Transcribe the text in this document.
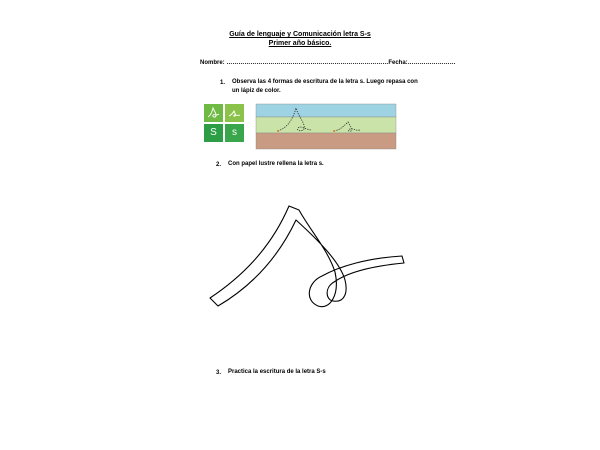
Guía de lenguaje y Comunicación letra S-s
Primer año básico.
Nombre: ………………………………………………………………………Fecha:……………………
1. Observa las 4 formas de escritura de la letra s. Luego repasa con
un lápiz de color.
S	s
2. Con papel lustre rellena la letra s.
3. Practica la escritura de la letra S-s
